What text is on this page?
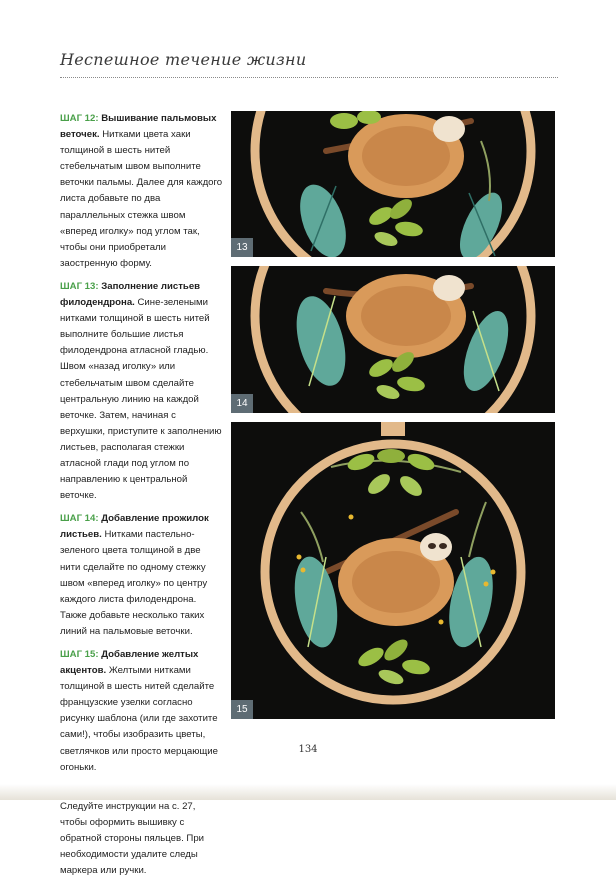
Неспешное течение жизни

ШАГ 12: Вышивание пальмовых веточек. Нитками цвета хаки толщиной в шесть нитей стебельчатым швом выполните веточки пальмы. Далее для каждого листа добавьте по два параллельных стежка швом «вперед иголку» под углом так, чтобы они приобретали заостренную форму.

ШАГ 13: Заполнение листьев филодендрона. Сине-зелеными нитками толщиной в шесть нитей выполните большие листья филодендрона атласной гладью. Швом «назад иголку» или стебельчатым швом сделайте центральную линию на каждой веточке. Затем, начиная с верхушки, приступите к заполнению листьев, располагая стежки атласной глади под углом по направлению к центральной веточке.

ШАГ 14: Добавление прожилок листьев. Нитками пастельно-зеленого цвета толщиной в две нити сделайте по одному стежку швом «вперед иголку» по центру каждого листа филодендрона. Также добавьте несколько таких линий на пальмовые веточки.

ШАГ 15: Добавление желтых акцентов. Желтыми нитками толщиной в шесть нитей сделайте французские узелки согласно рисунку шаблона (или где захотите сами!), чтобы изобразить цветы, светлячков или просто мерцающие огоньки.

Следуйте инструкции на с. 27, чтобы оформить вышивку с обратной стороны пяльцев. При необходимости удалите следы маркера или ручки.

13
14
15
134
